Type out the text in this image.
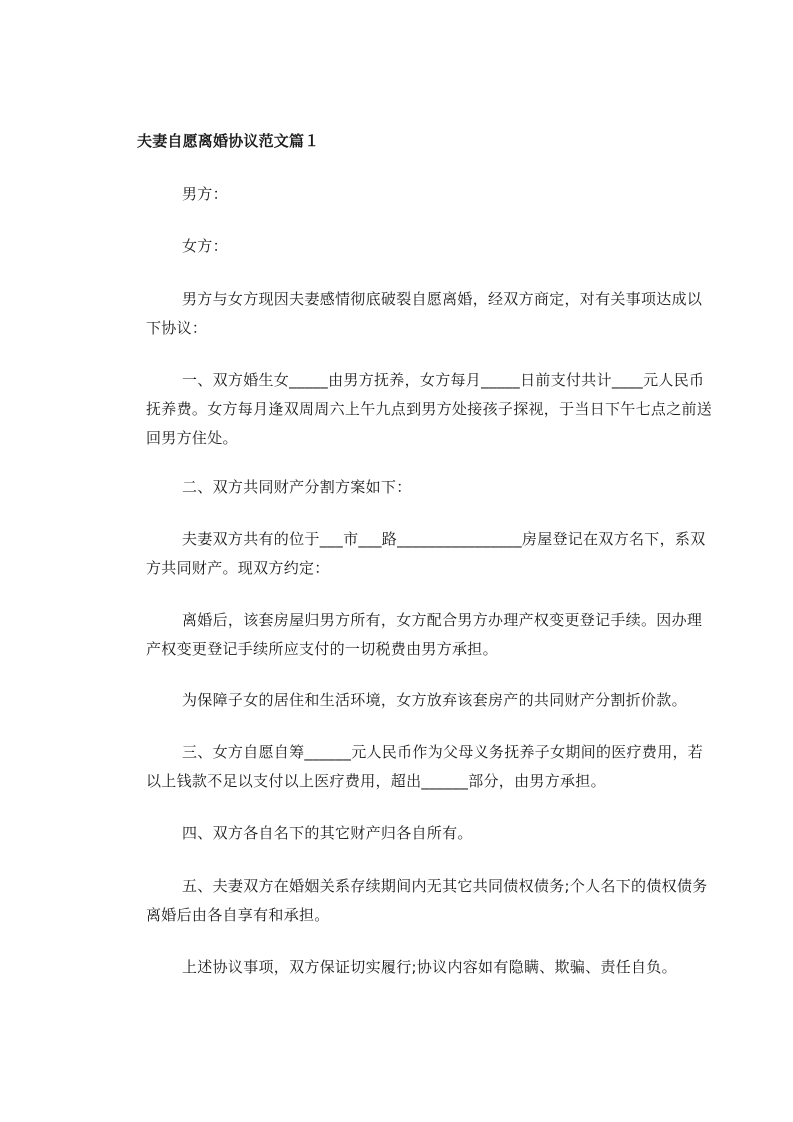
夫妻自愿离婚协议范文篇１
男方：
女方：
男方与女方现因夫妻感情彻底破裂自愿离婚，经双方商定，对有关事项达成以
下协议：
一、双方婚生女_____由男方抚养，女方每月_____日前支付共计____元人民币
抚养费。女方每月逢双周周六上午九点到男方处接孩子探视，于当日下午七点之前送
回男方住处。
二、双方共同财产分割方案如下：
夫妻双方共有的位于___市___路________________房屋登记在双方名下，系双
方共同财产。现双方约定：
离婚后，该套房屋归男方所有，女方配合男方办理产权变更登记手续。因办理
产权变更登记手续所应支付的一切税费由男方承担。
为保障子女的居住和生活环境，女方放弃该套房产的共同财产分割折价款。
三、女方自愿自筹______元人民币作为父母义务抚养子女期间的医疗费用，若
以上钱款不足以支付以上医疗费用，超出______部分，由男方承担。
四、双方各自名下的其它财产归各自所有。
五、夫妻双方在婚姻关系存续期间内无其它共同债权债务;个人名下的债权债务
离婚后由各自享有和承担。
上述协议事项，双方保证切实履行;协议内容如有隐瞒、欺骗、责任自负。
